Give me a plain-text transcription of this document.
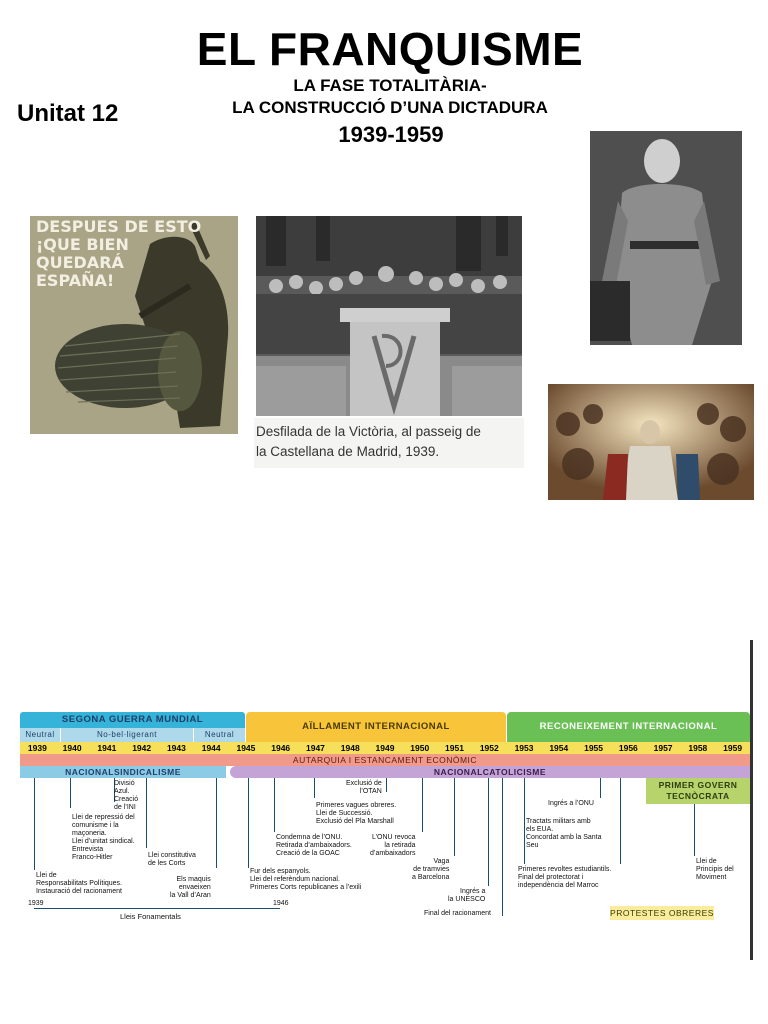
EL FRANQUISME
LA FASE TOTALITÀRIA-
LA CONSTRUCCIÓ D’UNA DICTADURA
1939-1959
Unitat 12
DESPUES DE ESTO
¡QUE BIEN
QUEDARÁ
ESPAÑA!
Desfilada de la Victòria, al passeig de
la Castellana de Madrid, 1939.
SEGONA GUERRA MUNDIAL
AÏLLAMENT INTERNACIONAL	RECONEIXEMENT INTERNACIONAL
Neutral	No-bel·ligerant	Neutral
1939	1940	1941	1942	1943	1944	1945	1946	1947	1948	1949	1950	1951	1952	1953	1954	1955	1956	1957	1958	1959
AUTARQUIA I ESTANCAMENT ECONÒMIC
NACIONALSINDICALISME	NACIONALCATOLICISME
PRIMER GOVERN TECNÒCRATA
PROTESTES OBRERES
Lleis Fonamentals
1939	1946
Divisió
Azul.
Creació
de l’INI
Llei de repressió del
comunisme i la
maçoneria.
Llei d’unitat sindical.
Entrevista
Franco-Hitler
Llei de
Responsabilitats Polítiques.
Instauració del racionament
Llei constitutiva
de les Corts
Els maquis
envaeixen
la Vall d’Aran
Exclusió de
l’OTAN
Primeres vagues obreres.
Llei de Successió.
Exclusió del Pla Marshall
Condemna de l’ONU.
Retirada d’ambaixadors.
Creació de la GOAC
L’ONU revoca
la retirada
d’ambaixadors
Fur dels espanyols.
Llei del referèndum nacional.
Primeres Corts republicanes a l’exili
Vaga
de tramvies
a Barcelona
Ingrés a
la UNESCO
Final del racionament
Ingrés a l’ONU
Tractats militars amb
els EUA.
Concordat amb la Santa
Seu
Primeres revoltes estudiantils.
Final del protectorat i
independència del Marroc
Llei de
Principis del
Moviment
